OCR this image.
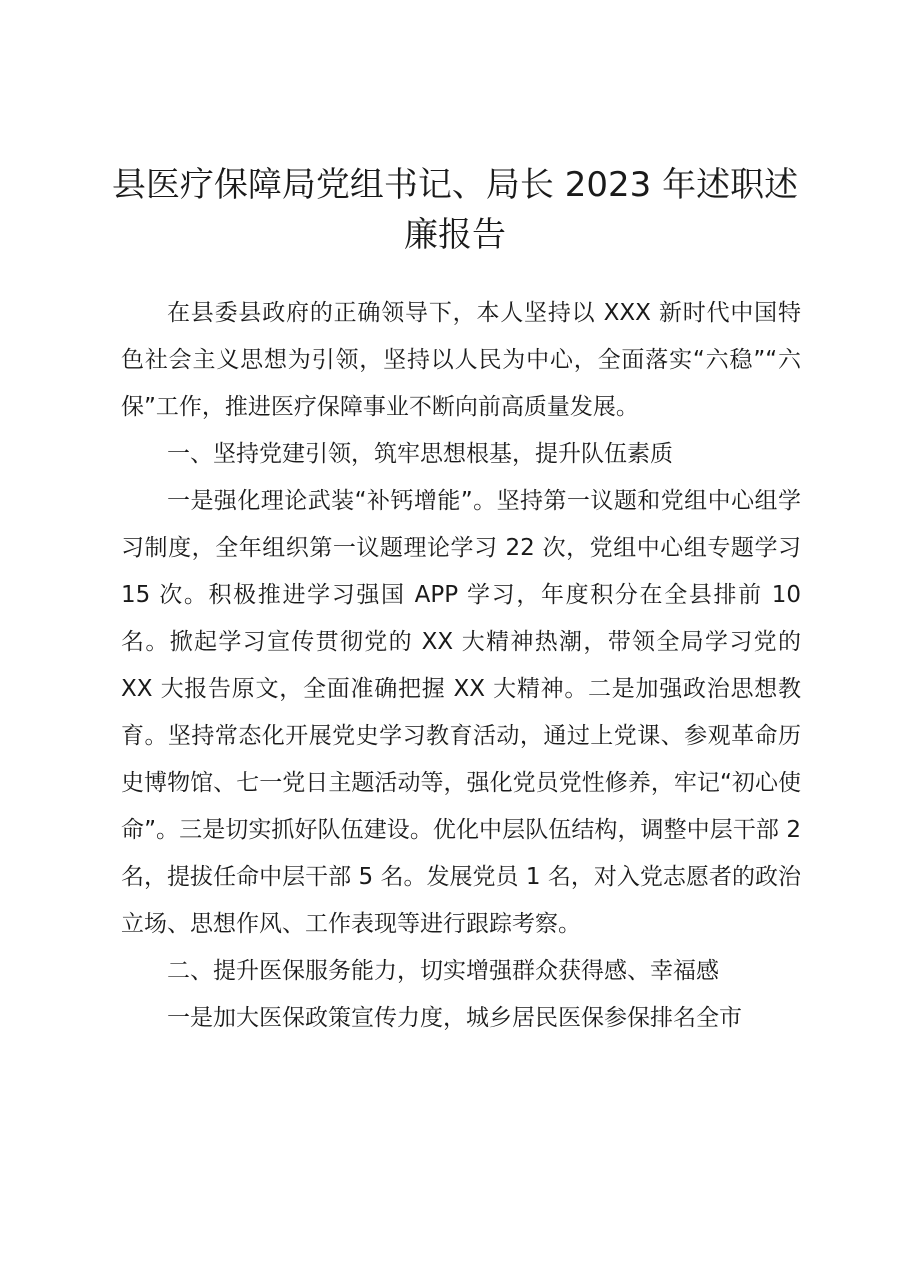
县医疗保障局党组书记、局长 2023 年述职述
廉报告

在县委县政府的正确领导下，本人坚持以 XXX 新时代中国特色社会主义思想为引领，坚持以人民为中心，全面落实“六稳”“六保”工作，推进医疗保障事业不断向前高质量发展。

一、坚持党建引领，筑牢思想根基，提升队伍素质

一是强化理论武装“补钙增能”。坚持第一议题和党组中心组学习制度，全年组织第一议题理论学习 22 次，党组中心组专题学习 15 次。积极推进学习强国 APP 学习，年度积分在全县排前 10 名。掀起学习宣传贯彻党的 XX 大精神热潮，带领全局学习党的 XX 大报告原文，全面准确把握 XX 大精神。二是加强政治思想教育。坚持常态化开展党史学习教育活动，通过上党课、参观革命历史博物馆、七一党日主题活动等，强化党员党性修养，牢记“初心使命”。三是切实抓好队伍建设。优化中层队伍结构，调整中层干部 2 名，提拔任命中层干部 5 名。发展党员 1 名，对入党志愿者的政治立场、思想作风、工作表现等进行跟踪考察。

二、提升医保服务能力，切实增强群众获得感、幸福感

一是加大医保政策宣传力度，城乡居民医保参保排名全市
